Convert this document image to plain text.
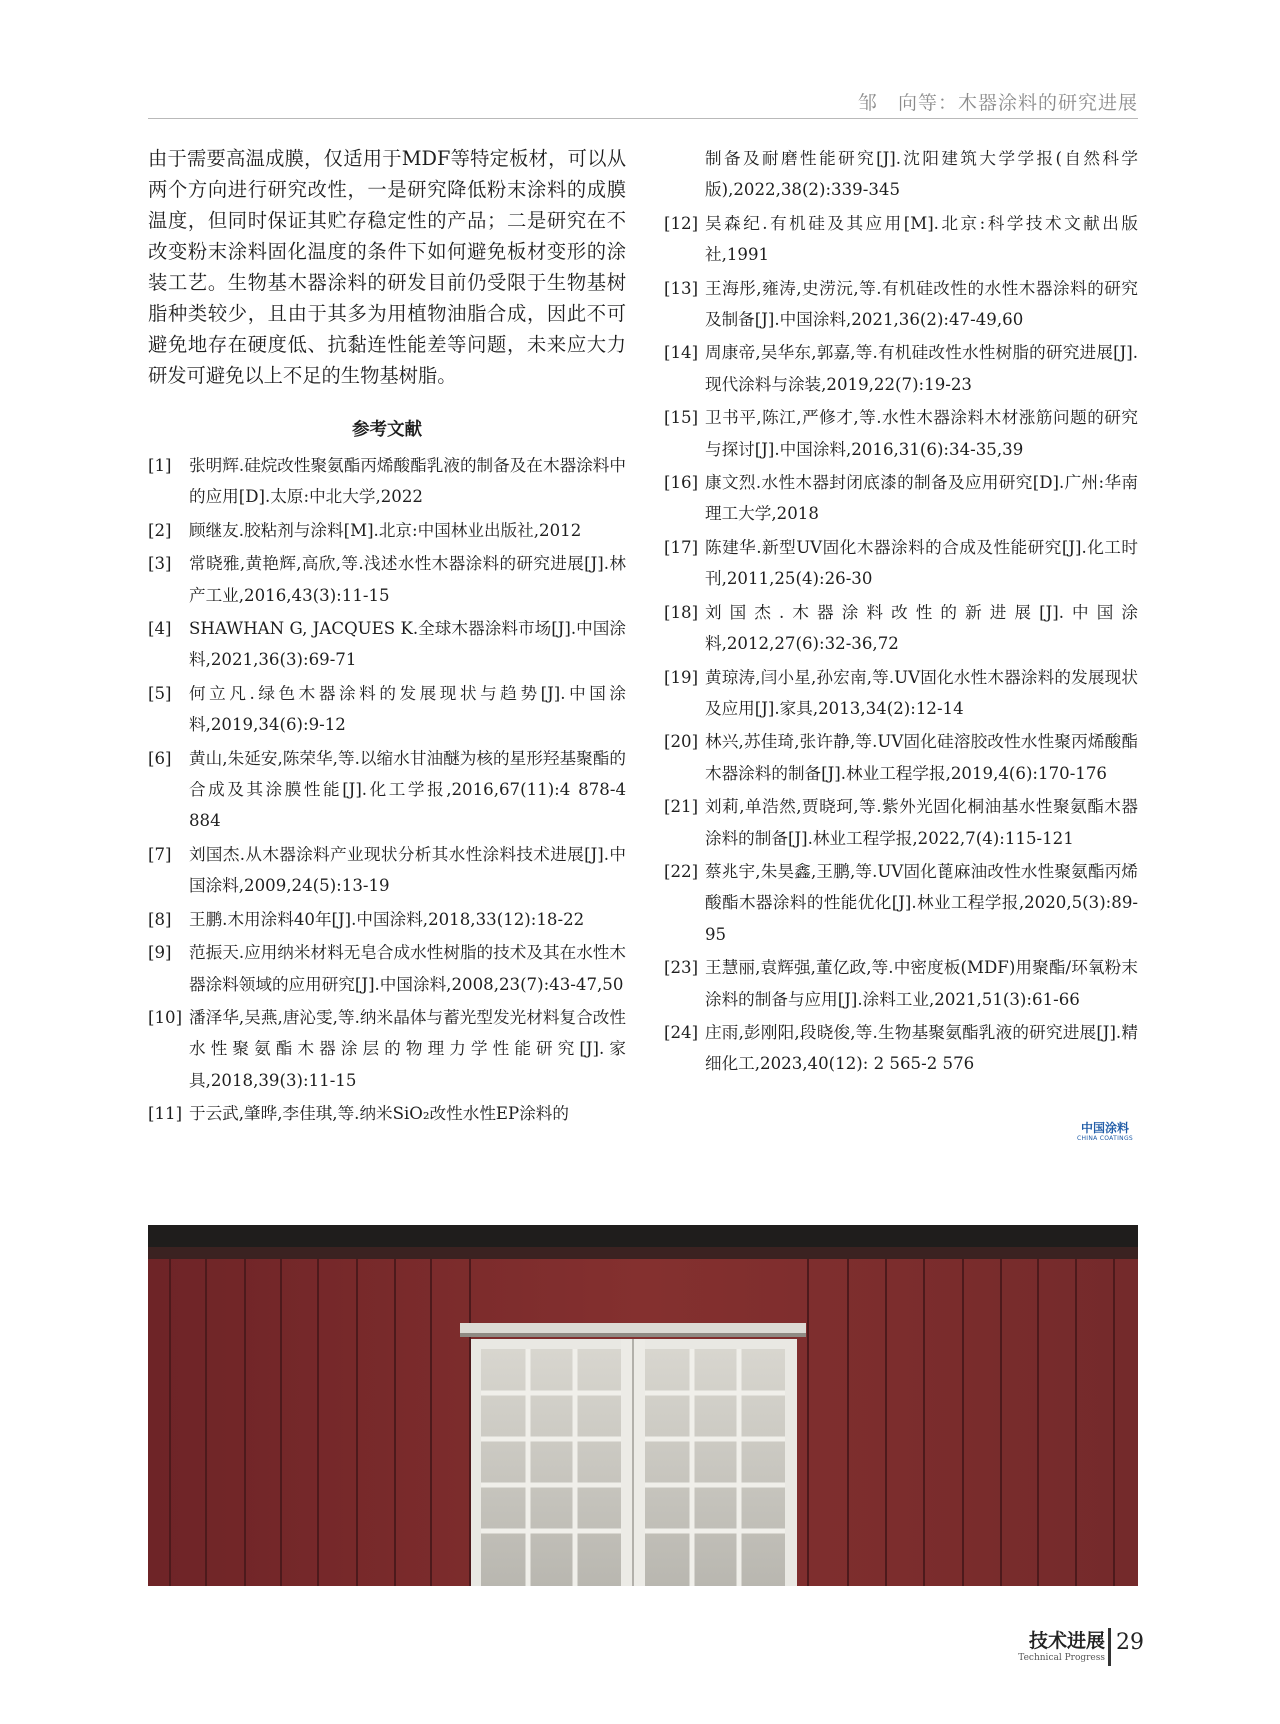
邹　向等：木器涂料的研究进展

由于需要高温成膜，仅适用于MDF等特定板材，可以从两个方向进行研究改性，一是研究降低粉末涂料的成膜温度，但同时保证其贮存稳定性的产品；二是研究在不改变粉末涂料固化温度的条件下如何避免板材变形的涂装工艺。生物基木器涂料的研发目前仍受限于生物基树脂种类较少，且由于其多为用植物油脂合成，因此不可避免地存在硬度低、抗黏连性能差等问题，未来应大力研发可避免以上不足的生物基树脂。

参考文献
[1]	张明辉.硅烷改性聚氨酯丙烯酸酯乳液的制备及在木器涂料中的应用[D].太原:中北大学,2022
[2]	顾继友.胶粘剂与涂料[M].北京:中国林业出版社,2012
[3]	常晓雅,黄艳辉,高欣,等.浅述水性木器涂料的研究进展[J].林产工业,2016,43(3):11-15
[4]	SHAWHAN G, JACQUES K.全球木器涂料市场[J].中国涂料,2021,36(3):69-71
[5]	何立凡.绿色木器涂料的发展现状与趋势[J].中国涂料,2019,34(6):9-12
[6]	黄山,朱延安,陈荣华,等.以缩水甘油醚为核的星形羟基聚酯的合成及其涂膜性能[J].化工学报,2016,67(11):4 878-4 884
[7]	刘国杰.从木器涂料产业现状分析其水性涂料技术进展[J].中国涂料,2009,24(5):13-19
[8]	王鹏.木用涂料40年[J].中国涂料,2018,33(12):18-22
[9]	范振天.应用纳米材料无皂合成水性树脂的技术及其在水性木器涂料领域的应用研究[J].中国涂料,2008,23(7):43-47,50
[10] 潘泽华,吴燕,唐沁雯,等.纳米晶体与蓄光型发光材料复合改性水性聚氨酯木器涂层的物理力学性能研究[J].家具,2018,39(3):11-15
[11] 于云武,肇晔,李佳琪,等.纳米SiO₂改性水性EP涂料的
制备及耐磨性能研究[J].沈阳建筑大学学报(自然科学版),2022,38(2):339-345
[12] 吴森纪.有机硅及其应用[M].北京:科学技术文献出版社,1991
[13] 王海彤,雍涛,史涝沅,等.有机硅改性的水性木器涂料的研究及制备[J].中国涂料,2021,36(2):47-49,60
[14] 周康帝,吴华东,郭嘉,等.有机硅改性水性树脂的研究进展[J].现代涂料与涂装,2019,22(7):19-23
[15] 卫书平,陈江,严修才,等.水性木器涂料木材涨筋问题的研究与探讨[J].中国涂料,2016,31(6):34-35,39
[16] 康文烈.水性木器封闭底漆的制备及应用研究[D].广州:华南理工大学,2018
[17] 陈建华.新型UV固化木器涂料的合成及性能研究[J].化工时刊,2011,25(4):26-30
[18] 刘国杰.木器涂料改性的新进展[J].中国涂料,2012,27(6):32-36,72
[19] 黄琼涛,闫小星,孙宏南,等.UV固化水性木器涂料的发展现状及应用[J].家具,2013,34(2):12-14
[20] 林兴,苏佳琦,张许静,等.UV固化硅溶胶改性水性聚丙烯酸酯木器涂料的制备[J].林业工程学报,2019,4(6):170-176
[21] 刘莉,单浩然,贾晓珂,等.紫外光固化桐油基水性聚氨酯木器涂料的制备[J].林业工程学报,2022,7(4):115-121
[22] 蔡兆宇,朱昊鑫,王鹏,等.UV固化蓖麻油改性水性聚氨酯丙烯酸酯木器涂料的性能优化[J].林业工程学报,2020,5(3):89-95
[23] 王慧丽,袁辉强,董亿政,等.中密度板(MDF)用聚酯/环氧粉末涂料的制备与应用[J].涂料工业,2021,51(3):61-66
[24] 庄雨,彭刚阳,段晓俊,等.生物基聚氨酯乳液的研究进展[J].精细化工,2023,40(12): 2 565-2 576
中国涂料
CHINA COATINGS
技术进展
Technical Progress
29
